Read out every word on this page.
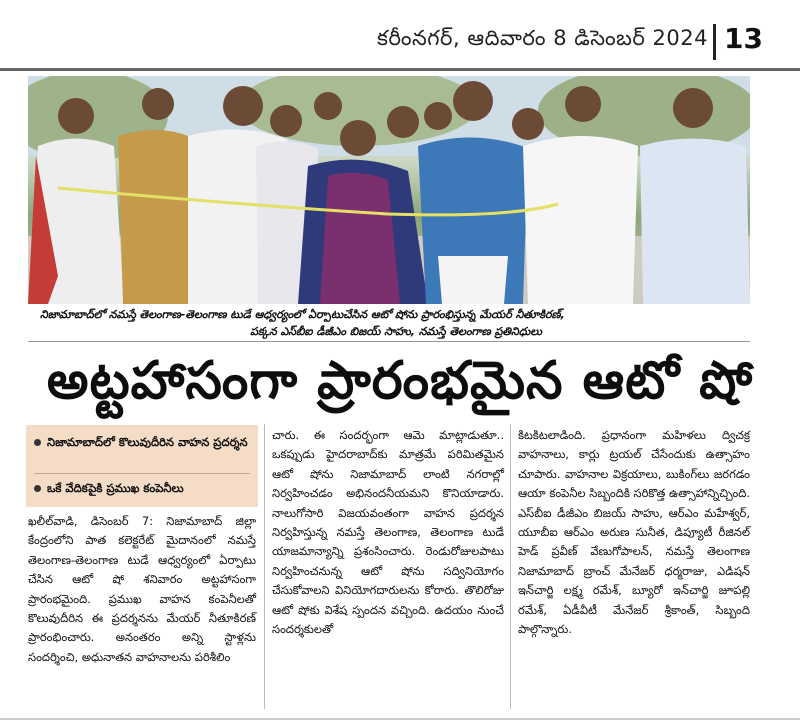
కరీంనగర్, ఆదివారం 8 డిసెంబర్ 2024 13
నిజామాబాద్‌లో నమస్తే తెలంగాణ-తెలంగాణ టుడే ఆధ్వర్యంలో ఏర్పాటుచేసిన ఆటో షోను ప్రారంభిస్తున్న మేయర్ నీతూకిరణ్,
పక్కన ఎస్‌బీఐ డీజీఎం బిజయ్ సాహు, నమస్తే తెలంగాణ ప్రతినిధులు
అట్టహాసంగా ప్రారంభమైన ఆటో షో
నిజామాబాద్‌లో కొలువుదీరిన వాహన ప్రదర్శన
ఒకే వేదికపైకి ప్రముఖ కంపెనీలు

ఖలీల్‌వాడి, డిసెంబర్ 7: నిజామాబాద్ జిల్లా కేంద్రంలోని పాత కలెక్టరేట్ మైదానంలో నమస్తే తెలంగాణ-తెలంగాణ టుడే ఆధ్వర్యంలో ఏర్పాటు చేసిన ఆటో షో శనివారం అట్టహాసంగా ప్రారంభమైంది. ప్రముఖ వాహన కంపెనీలతో కొలువుదీరిన ఈ ప్రదర్శనను మేయర్ నీతూకిరణ్ ప్రారంభించారు. అనంతరం అన్ని స్టాళ్లను సందర్శించి, అధునాతన వాహనాలను పరిశీలిం

చారు. ఈ సందర్భంగా ఆమె మాట్లాడుతూ.. ఒకప్పుడు హైదరాబాద్‌కు మాత్రమే పరిమితమైన ఆటో షోను నిజామాబాద్ లాంటి నగరాల్లో నిర్వహించడం అభినందనీయమని కొనియాడారు. నాలుగోసారి విజయవంతంగా వాహన ప్రదర్శన నిర్వహిస్తున్న నమస్తే తెలంగాణ, తెలంగాణ టుడే యాజమాన్యాన్ని ప్రశంసించారు. రెండురోజులపాటు నిర్వహించనున్న ఆటో షోను సద్వినియోగం చేసుకోవాలని వినియోగదారులను కోరారు. తొలిరోజు ఆటో షోకు విశేష స్పందన వచ్చింది. ఉదయం నుంచే సందర్శకులతో

కిటకిటలాడింది. ప్రధానంగా మహిళలు ద్విచక్ర వాహనాలు, కార్లు ట్రయల్ చేసేందుకు ఉత్సాహం చూపారు. వాహనాల విక్రయాలు, బుకింగ్‌లు జరగడం ఆయా కంపెనీల సిబ్బందికి సరికొత్త ఉత్సాహాన్నిచ్చింది. ఎస్‌బీఐ డీజీఎం బిజయ్ సాహు, ఆర్‌ఎం మహేశ్వర్, యూబీఐ ఆర్‌ఎం అరుణ సునీత, డిప్యూటీ రీజినల్ హెడ్ ప్రవీణ్ వేణుగోపాలన్, నమస్తే తెలంగాణ నిజామాబాద్ బ్రాంచ్ మేనేజర్ ధర్మరాజు, ఎడిషన్ ఇన్‌చార్జి లక్ష్మ రమేశ్, బ్యూరో ఇన్‌చార్జి జూపల్లి రమేశ్, ఏడీవీటీ మేనేజర్ శ్రీకాంత్, సిబ్బంది పాల్గొన్నారు.
